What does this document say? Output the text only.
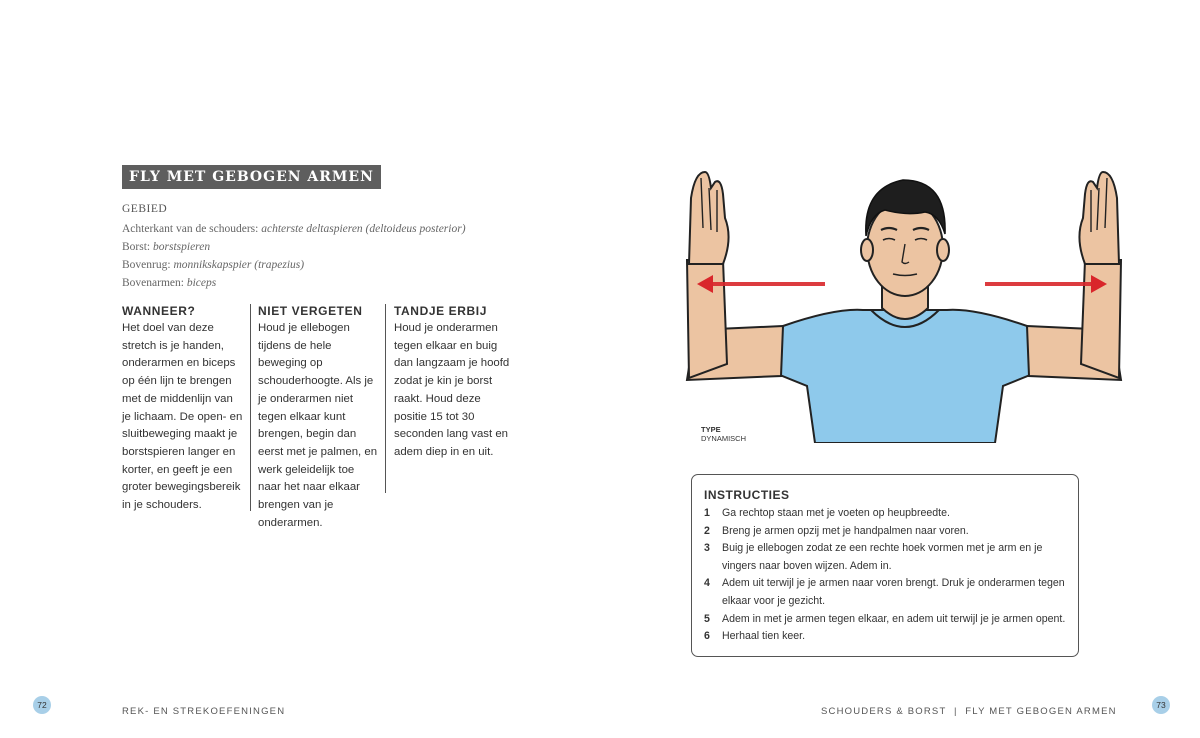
FLY MET GEBOGEN ARMEN
GEBIED
Achterkant van de schouders: achterste deltaspieren (deltoideus posterior)
Borst: borstspieren
Bovenrug: monnikskapspier (trapezius)
Bovenarmen: biceps
WANNEER?

Het doel van deze stretch is je handen, onderarmen en biceps op één lijn te brengen met de middenlijn van je lichaam. De open- en sluitbeweging maakt je borstspieren langer en korter, en geeft je een groter bewegingsbereik in je schouders.

NIET VERGETEN

Houd je ellebogen tijdens de hele beweging op schouderhoogte. Als je je onderarmen niet tegen elkaar kunt brengen, begin dan eerst met je palmen, en werk geleidelijk toe naar het naar elkaar brengen van je onderarmen.

TANDJE ERBIJ

Houd je onderarmen tegen elkaar en buig dan langzaam je hoofd zodat je kin je borst raakt. Houd deze positie 15 tot 30 seconden lang vast en adem diep in en uit.

TYPE
DYNAMISCH
INSTRUCTIES
1	Ga rechtop staan met je voeten op heupbreedte.
2	Breng je armen opzij met je handpalmen naar voren.
3	Buig je ellebogen zodat ze een rechte hoek vormen met je arm en je vingers naar boven wijzen. Adem in.
4	Adem uit terwijl je je armen naar voren brengt. Druk je onderarmen tegen elkaar voor je gezicht.
5	Adem in met je armen tegen elkaar, en adem uit terwijl je je armen opent.
6	Herhaal tien keer.
72
REK- EN STREKOEFENINGEN	SCHOUDERS & BORST  |  FLY MET GEBOGEN ARMEN
73
